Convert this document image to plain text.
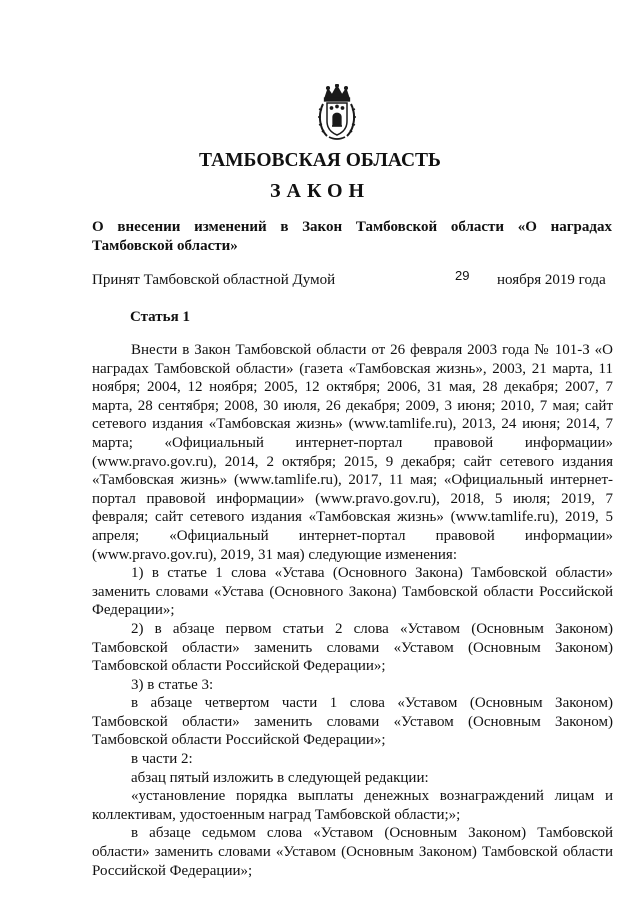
ТАМБОВСКАЯ ОБЛАСТЬ
ЗАКОН
О внесении изменений в Закон Тамбовской области «О наградах Тамбовской области»
Принят Тамбовской областной Думой	29 ноября 2019 года
Статья 1

Внести в Закон Тамбовской области от 26 февраля 2003 года № 101-З «О наградах Тамбовской области» (газета «Тамбовская жизнь», 2003, 21 марта, 11 ноября; 2004, 12 ноября; 2005, 12 октября; 2006, 31 мая, 28 декабря; 2007, 7 марта, 28 сентября; 2008, 30 июля, 26 декабря; 2009, 3 июня; 2010, 7 мая; сайт сетевого издания «Тамбовская жизнь» (www.tamlife.ru), 2013, 24 июня; 2014, 7 марта; «Официальный интернет-портал правовой информации» (www.pravo.gov.ru), 2014, 2 октября; 2015, 9 декабря; сайт сетевого издания «Тамбовская жизнь» (www.tamlife.ru), 2017, 11 мая; «Официальный интернет-портал правовой информации» (www.pravo.gov.ru), 2018, 5 июля; 2019, 7 февраля; сайт сетевого издания «Тамбовская жизнь» (www.tamlife.ru), 2019, 5 апреля; «Официальный интернет-портал правовой информации» (www.pravo.gov.ru), 2019, 31 мая) следующие изменения:

1) в статье 1 слова «Устава (Основного Закона) Тамбовской области» заменить словами «Устава (Основного Закона) Тамбовской области Российской Федерации»;

2) в абзаце первом статьи 2 слова «Уставом (Основным Законом) Тамбовской области» заменить словами «Уставом (Основным Законом) Тамбовской области Российской Федерации»;

3) в статье 3:

в абзаце четвертом части 1 слова «Уставом (Основным Законом) Тамбовской области» заменить словами «Уставом (Основным Законом) Тамбовской области Российской Федерации»;

в части 2:

абзац пятый изложить в следующей редакции:

«установление порядка выплаты денежных вознаграждений лицам и коллективам, удостоенным наград Тамбовской области;»;

в абзаце седьмом слова «Уставом (Основным Законом) Тамбовской области» заменить словами «Уставом (Основным Законом) Тамбовской области Российской Федерации»;
